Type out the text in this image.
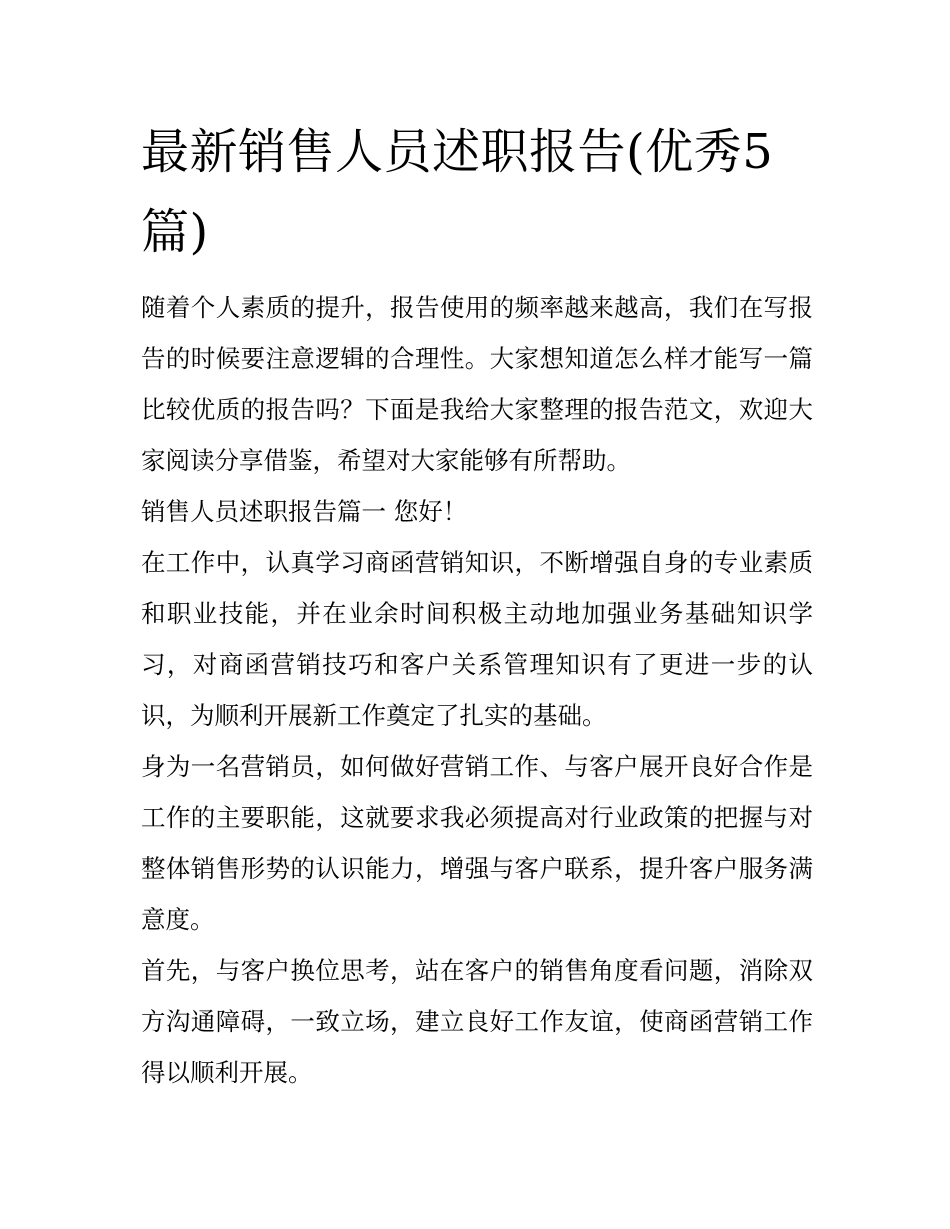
最新销售人员述职报告(优秀5篇)

随着个人素质的提升，报告使用的频率越来越高，我们在写报告的时候要注意逻辑的合理性。大家想知道怎么样才能写一篇比较优质的报告吗？下面是我给大家整理的报告范文，欢迎大家阅读分享借鉴，希望对大家能够有所帮助。

销售人员述职报告篇一 您好！

在工作中，认真学习商函营销知识，不断增强自身的专业素质和职业技能，并在业余时间积极主动地加强业务基础知识学习，对商函营销技巧和客户关系管理知识有了更进一步的认识，为顺利开展新工作奠定了扎实的基础。

身为一名营销员，如何做好营销工作、与客户展开良好合作是工作的主要职能，这就要求我必须提高对行业政策的把握与对整体销售形势的认识能力，增强与客户联系，提升客户服务满意度。

首先，与客户换位思考，站在客户的销售角度看问题，消除双方沟通障碍，一致立场，建立良好工作友谊，使商函营销工作得以顺利开展。
